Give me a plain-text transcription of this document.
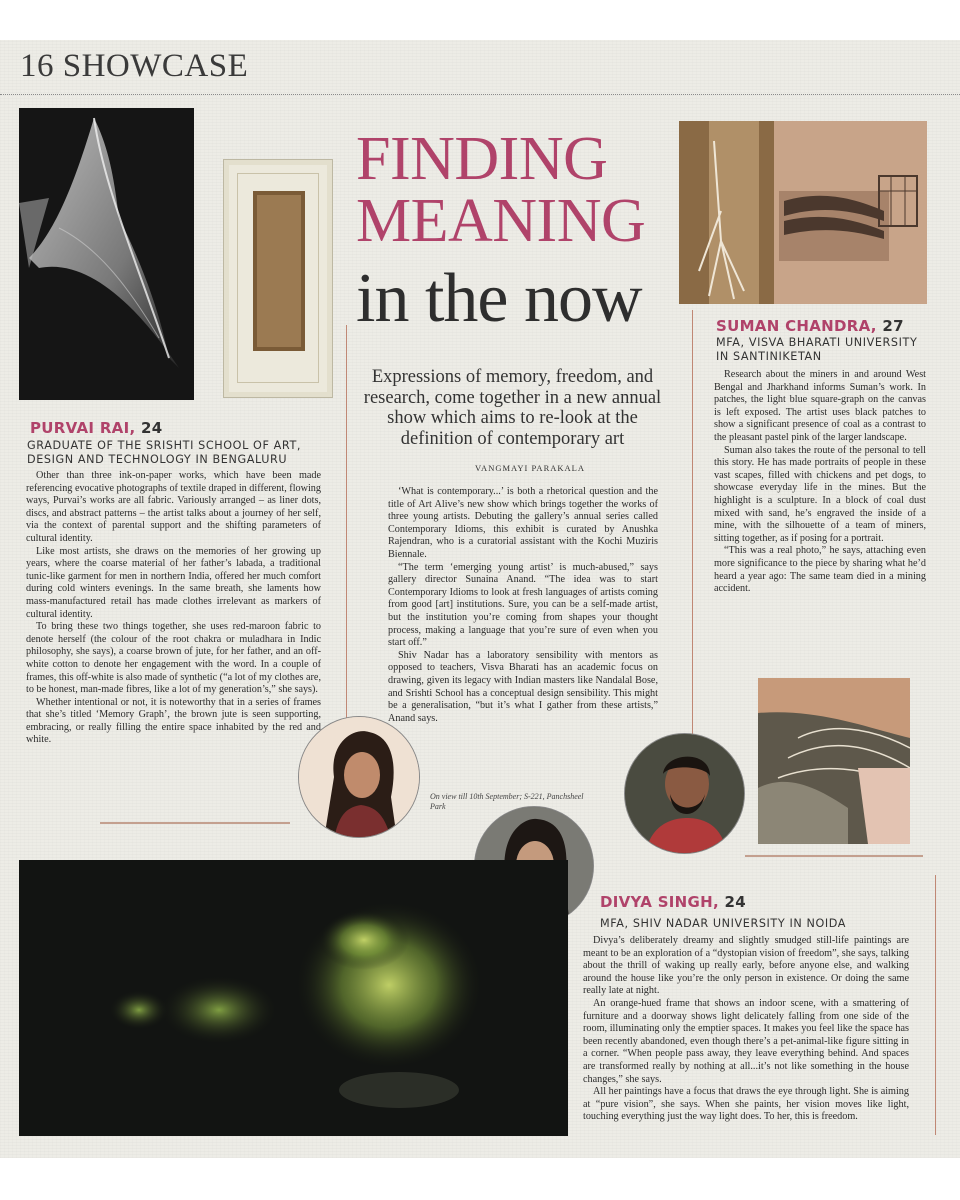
16 SHOWCASE
FINDING
MEANING
in the now
Expressions of memory, freedom, and research, come together in a new annual show which aims to re-look at the definition of contemporary art
VANGMAYI PARAKALA

‘What is contemporary...’ is both a rhetorical question and the title of Art Alive’s new show which brings together the works of three young artists. Debuting the gallery’s annual series called Contemporary Idioms, this exhibit is curated by Anushka Rajendran, who is a curatorial assistant with the Kochi Muziris Biennale.

“The term ‘emerging young artist’ is much-abused,” says gallery director Sunaina Anand. “The idea was to start Contemporary Idioms to look at fresh languages of artists coming from good [art] institutions. Sure, you can be a self-made artist, but the institution you’re coming from shapes your thought process, making a language that you’re sure of even when you start off.”

Shiv Nadar has a laboratory sensibility with mentors as opposed to teachers, Visva Bharati has an academic focus on drawing, given its legacy with Indian masters like Nandalal Bose, and Srishti School has a conceptual design sensibility. This might be a generalisation, “but it’s what I gather from these artists,” Anand says.

On view till 10th September; S-221, Panchsheel Park
PURVAI RAI, 24
GRADUATE OF THE SRISHTI SCHOOL OF ART, DESIGN AND TECHNOLOGY IN BENGALURU

Other than three ink-on-paper works, which have been made referencing evocative photographs of textile draped in different, flowing ways, Purvai’s works are all fabric. Variously arranged – as liner dots, discs, and abstract patterns – the artist talks about a journey of her self, via the context of parental support and the shifting parameters of cultural identity.

Like most artists, she draws on the memories of her growing up years, where the coarse material of her father’s labada, a traditional tunic-like garment for men in northern India, offered her much comfort during cold winters evenings. In the same breath, she laments how mass-manufactured retail has made clothes irrelevant as markers of cultural identity.

To bring these two things together, she uses red-maroon fabric to denote herself (the colour of the root chakra or muladhara in Indic philosophy, she says), a coarse brown of jute, for her father, and an off-white cotton to denote her engagement with the word. In a couple of frames, this off-white is also made of synthetic (“a lot of my clothes are, to be honest, man-made fibres, like a lot of my generation’s,” she says).

Whether intentional or not, it is noteworthy that in a series of frames that she’s titled ‘Memory Graph’, the brown jute is seen supporting, embracing, or really filling the entire space inhabited by the red and white.

SUMAN CHANDRA, 27
MFA, VISVA BHARATI UNIVERSITY IN SANTINIKETAN

Research about the miners in and around West Bengal and Jharkhand informs Suman’s work. In patches, the light blue square-graph on the canvas is left exposed. The artist uses black patches to show a significant presence of coal as a contrast to the pleasant pastel pink of the larger landscape.

Suman also takes the route of the personal to tell this story. He has made portraits of people in these vast scapes, filled with chickens and pet dogs, to showcase everyday life in the mines. But the highlight is a sculpture. In a block of coal dust mixed with sand, he’s engraved the inside of a mine, with the silhouette of a team of miners, sitting together, as if posing for a portrait.

“This was a real photo,” he says, attaching even more significance to the piece by sharing what he’d heard a year ago: The same team died in a mining accident.

DIVYA SINGH, 24
MFA, SHIV NADAR UNIVERSITY IN NOIDA

Divya’s deliberately dreamy and slightly smudged still-life paintings are meant to be an exploration of a “dystopian vision of freedom”, she says, talking about the thrill of waking up really early, before anyone else, and walking around the house like you’re the only person in existence. Or doing the same really late at night.

An orange-hued frame that shows an indoor scene, with a smattering of furniture and a doorway shows light delicately falling from one side of the room, illuminating only the emptier spaces. It makes you feel like the space has been recently abandoned, even though there’s a pet-animal-like figure sitting in a corner. “When people pass away, they leave everything behind. And spaces are transformed really by nothing at all...it’s not like something in the house changes,” she says.

All her paintings have a focus that draws the eye through light. She is aiming at “pure vision”, she says. When she paints, her vision moves like light, touching everything just the way light does. To her, this is freedom.
